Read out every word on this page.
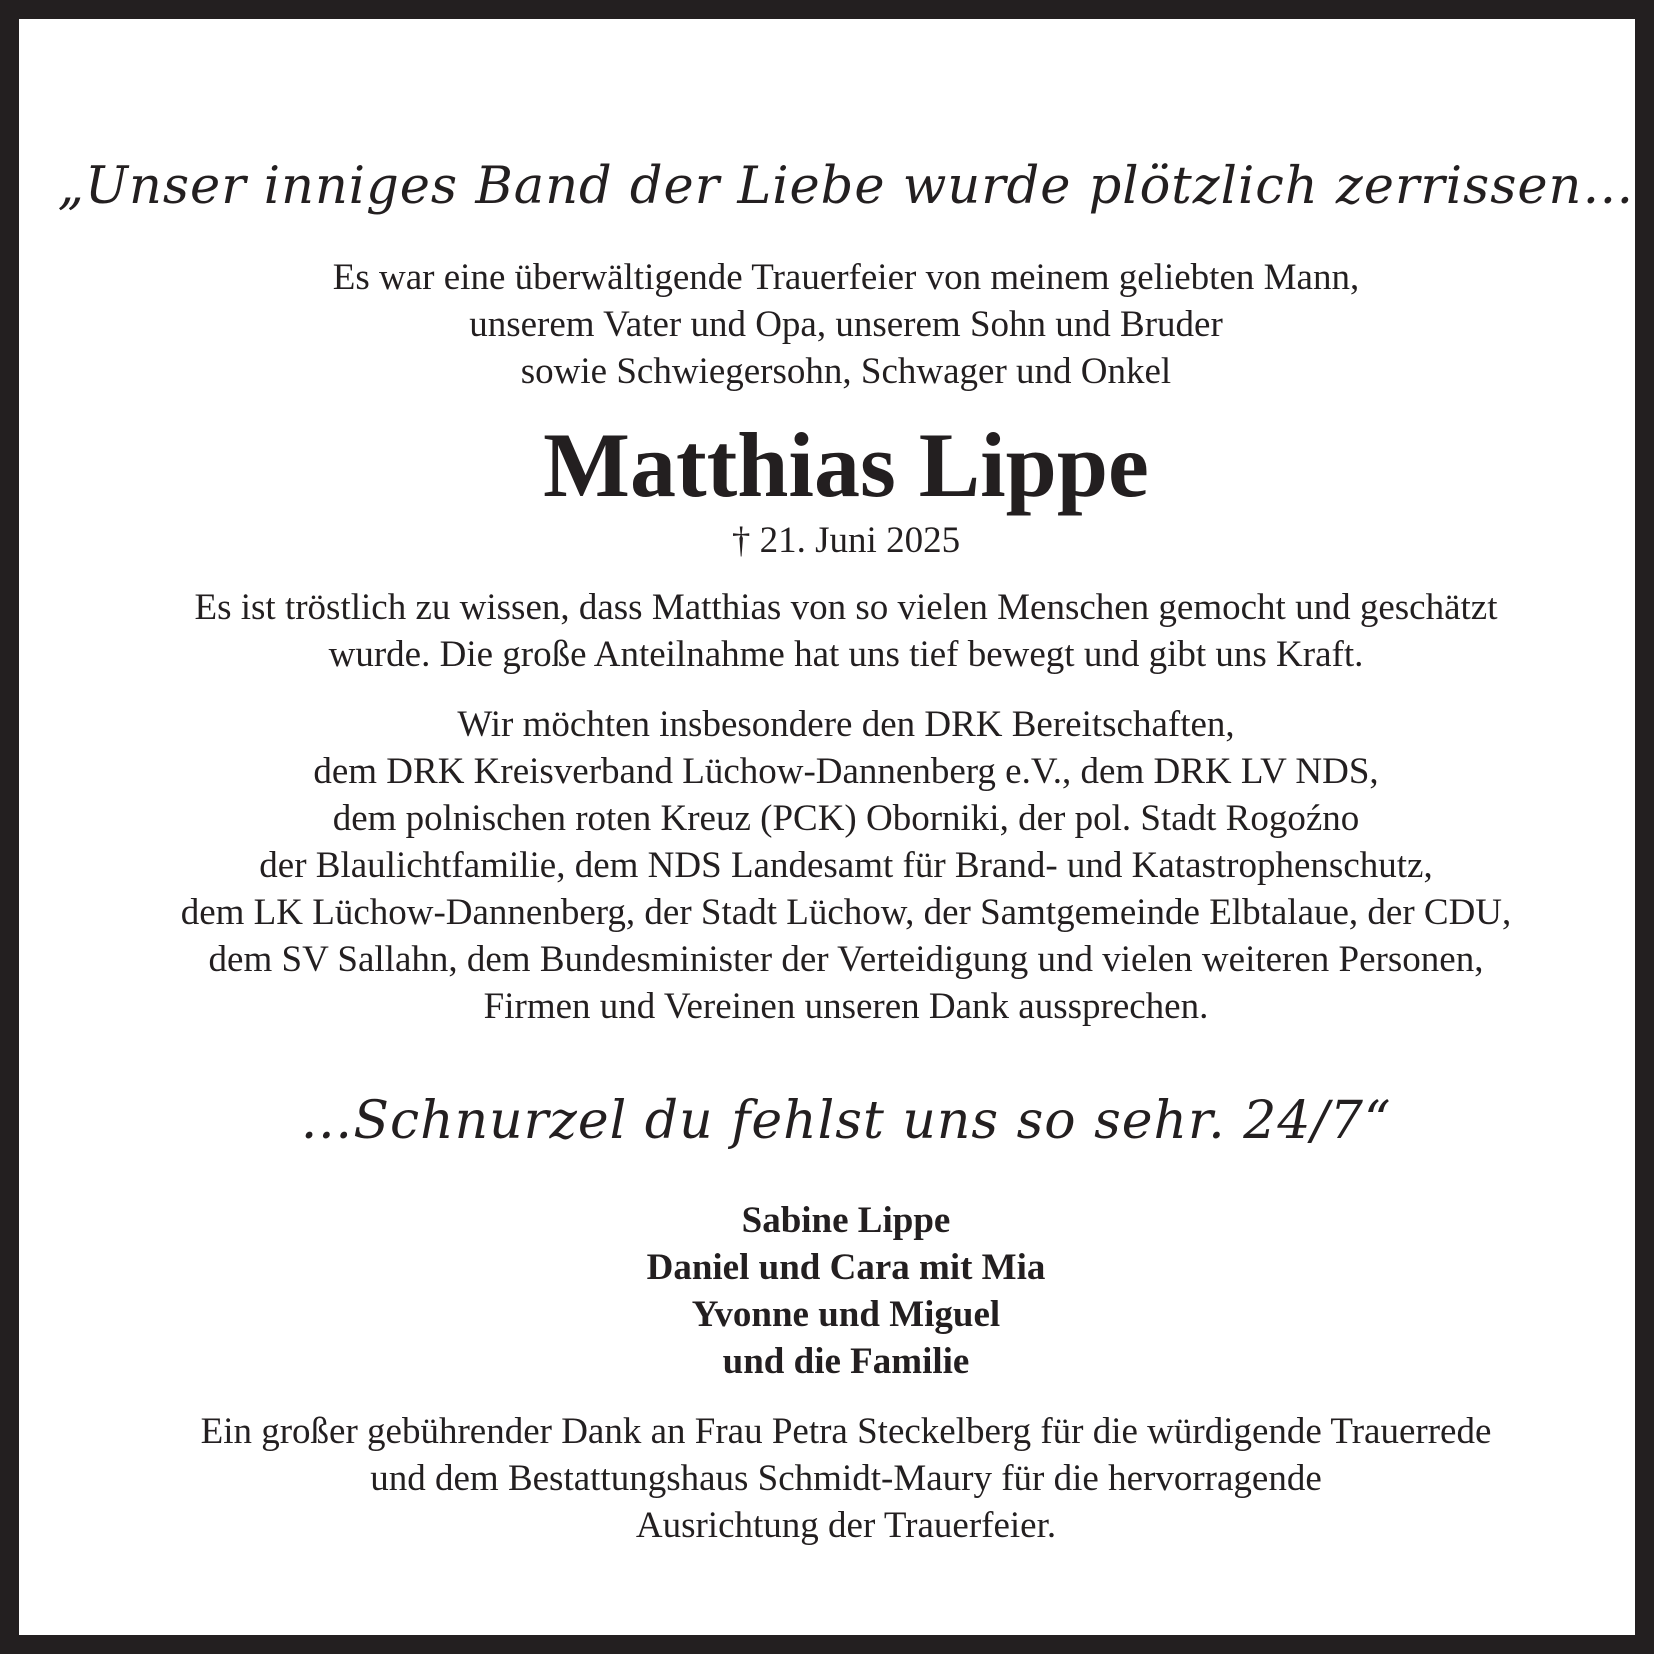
„Unser inniges Band der Liebe wurde plötzlich zerrissen…
Es war eine überwältigende Trauerfeier von meinem geliebten Mann,
unserem Vater und Opa, unserem Sohn und Bruder
sowie Schwiegersohn, Schwager und Onkel
Matthias Lippe
† 21. Juni 2025
Es ist tröstlich zu wissen, dass Matthias von so vielen Menschen gemocht und geschätzt
wurde. Die große Anteilnahme hat uns tief bewegt und gibt uns Kraft.
Wir möchten insbesondere den DRK Bereitschaften,
dem DRK Kreisverband Lüchow-Dannenberg e.V., dem DRK LV NDS,
dem polnischen roten Kreuz (PCK) Oborniki, der pol. Stadt Rogoźno
der Blaulichtfamilie, dem NDS Landesamt für Brand- und Katastrophenschutz,
dem LK Lüchow-Dannenberg, der Stadt Lüchow, der Samtgemeinde Elbtalaue, der CDU,
dem SV Sallahn, dem Bundesminister der Verteidigung und vielen weiteren Personen,
Firmen und Vereinen unseren Dank aussprechen.
…Schnurzel du fehlst uns so sehr. 24/7“
Sabine Lippe
Daniel und Cara mit Mia
Yvonne und Miguel
und die Familie
Ein großer gebührender Dank an Frau Petra Steckelberg für die würdigende Trauerrede
und dem Bestattungshaus Schmidt-Maury für die hervorragende
Ausrichtung der Trauerfeier.
